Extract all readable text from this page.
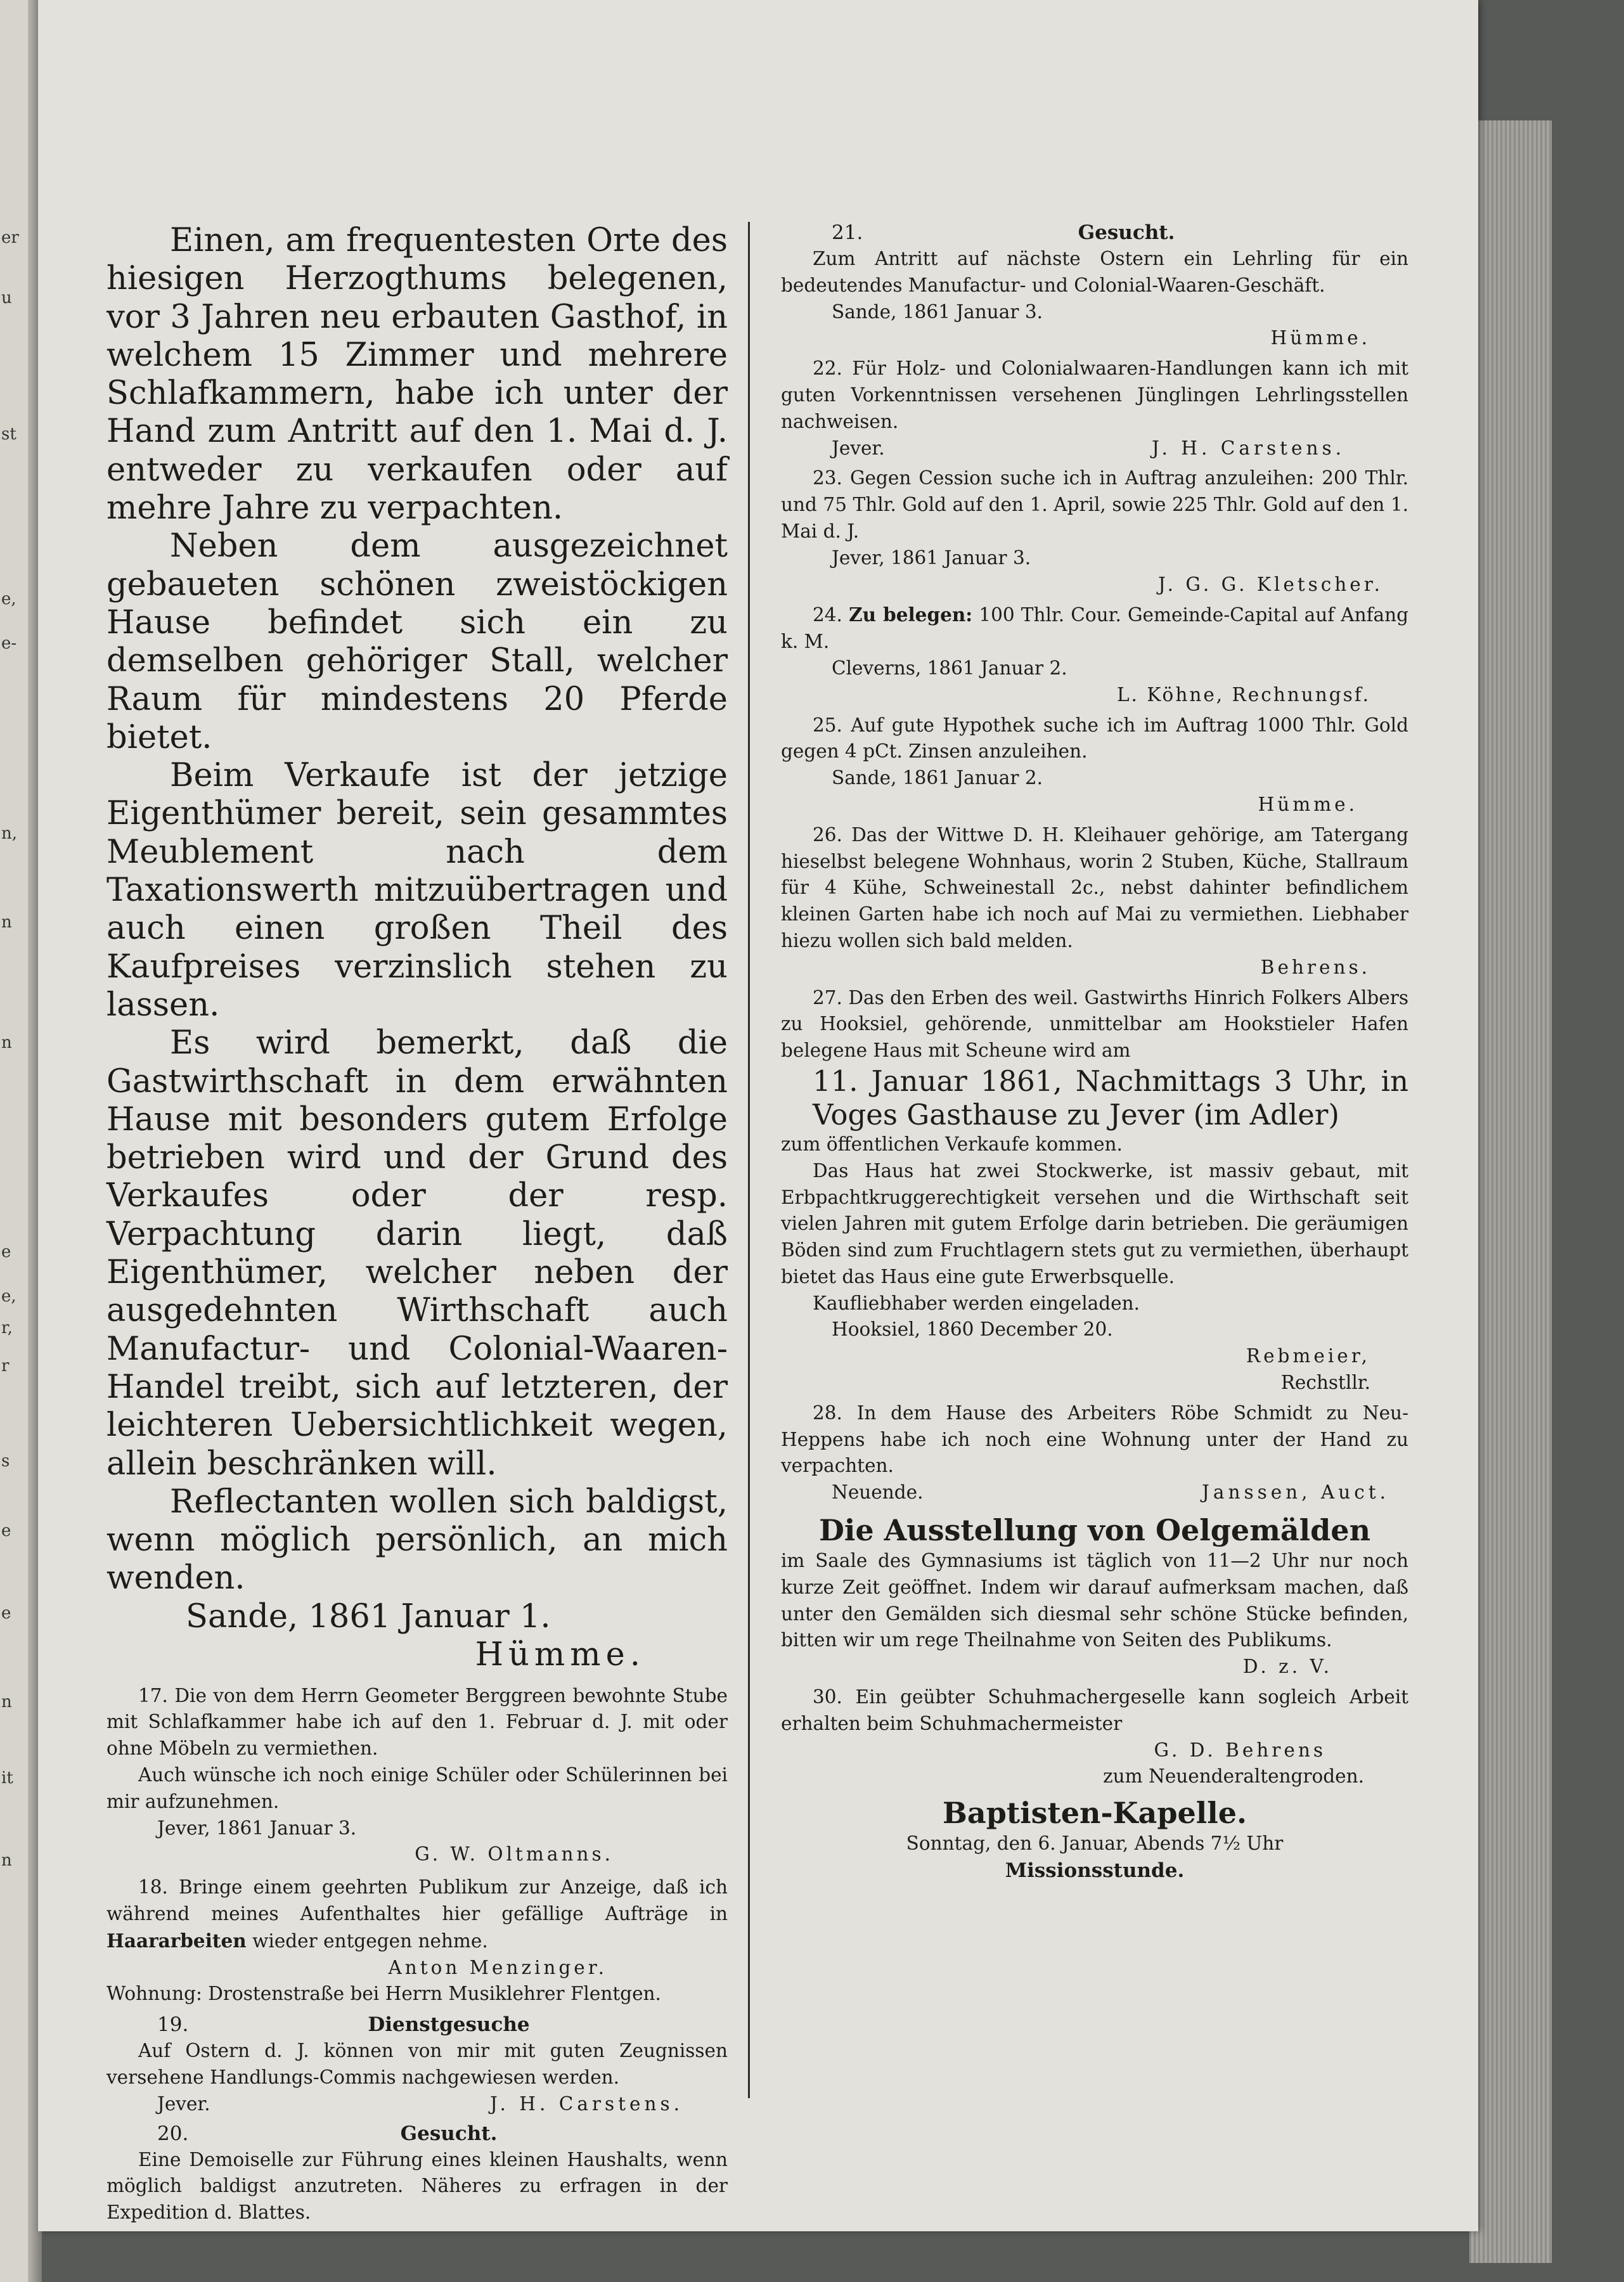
er
u
st
e,
e-
n,
n
n
e
e,
r,
r
s
e
e
n
it
n

Einen, am frequentesten Orte des hiesigen Herzogthums belegenen, vor 3 Jahren neu erbauten Gasthof, in welchem 15 Zimmer und mehrere Schlafkammern, habe ich unter der Hand zum Antritt auf den 1. Mai d. J. entweder zu verkaufen oder auf mehre Jahre zu verpachten.

Neben dem ausgezeichnet gebaueten schönen zweistöckigen Hause befindet sich ein zu demselben gehöriger Stall, welcher Raum für mindestens 20 Pferde bietet.

Beim Verkaufe ist der jetzige Eigenthümer bereit, sein gesammtes Meublement nach dem Taxationswerth mitzuübertragen und auch einen großen Theil des Kaufpreises verzinslich stehen zu lassen.

Es wird bemerkt, daß die Gastwirthschaft in dem erwähnten Hause mit besonders gutem Erfolge betrieben wird und der Grund des Verkaufes oder der resp. Verpachtung darin liegt, daß Eigenthümer, welcher neben der ausgedehnten Wirthschaft auch Manufactur- und Colonial-Waaren-Handel treibt, sich auf letzteren, der leichteren Uebersichtlichkeit wegen, allein beschränken will.

Reflectanten wollen sich baldigst, wenn möglich persönlich, an mich wenden.

Sande, 1861 Januar 1.

Hümme.

17. Die von dem Herrn Geometer Berggreen bewohnte Stube mit Schlafkammer habe ich auf den 1. Februar d. J. mit oder ohne Möbeln zu vermiethen.

Auch wünsche ich noch einige Schüler oder Schülerinnen bei mir aufzunehmen.

Jever, 1861 Januar 3.

G. W. Oltmanns.

18. Bringe einem geehrten Publikum zur Anzeige, daß ich während meines Aufenthaltes hier gefällige Aufträge in Haararbeiten wieder entgegen nehme.

Anton Menzinger.

Wohnung: Drostenstraße bei Herrn Musiklehrer Flentgen.

19.	Dienstgesuche

Auf Ostern d. J. können von mir mit guten Zeugnissen versehene Handlungs-Commis nachgewiesen werden.

Jever.	J. H. Carstens.
20.	Gesucht.

Eine Demoiselle zur Führung eines kleinen Haushalts, wenn möglich baldigst anzutreten. Näheres zu erfragen in der Expedition d. Blattes.

21.	Gesucht.

Zum Antritt auf nächste Ostern ein Lehrling für ein bedeutendes Manufactur- und Colonial-Waaren-Geschäft.

Sande, 1861 Januar 3.

Hümme.

22. Für Holz- und Colonialwaaren-Handlungen kann ich mit guten Vorkenntnissen versehenen Jünglingen Lehrlingsstellen nachweisen.

Jever.	J. H. Carstens.

23. Gegen Cession suche ich in Auftrag anzuleihen: 200 Thlr. und 75 Thlr. Gold auf den 1. April, sowie 225 Thlr. Gold auf den 1. Mai d. J.

Jever, 1861 Januar 3.

J. G. G. Kletscher.

24. Zu belegen: 100 Thlr. Cour. Gemeinde-Capital auf Anfang k. M.

Cleverns, 1861 Januar 2.

L. Köhne, Rechnungsf.

25. Auf gute Hypothek suche ich im Auftrag 1000 Thlr. Gold gegen 4 pCt. Zinsen anzuleihen.

Sande, 1861 Januar 2.

Hümme.

26. Das der Wittwe D. H. Kleihauer gehörige, am Tatergang hieselbst belegene Wohnhaus, worin 2 Stuben, Küche, Stallraum für 4 Kühe, Schweinestall 2c., nebst dahinter befindlichem kleinen Garten habe ich noch auf Mai zu vermiethen. Liebhaber hiezu wollen sich bald melden.

Behrens.

27. Das den Erben des weil. Gastwirths Hinrich Folkers Albers zu Hooksiel, gehörende, unmittelbar am Hookstieler Hafen belegene Haus mit Scheune wird am

11. Januar 1861, Nachmittags 3 Uhr, in Voges Gasthause zu Jever (im Adler)

zum öffentlichen Verkaufe kommen.

Das Haus hat zwei Stockwerke, ist massiv gebaut, mit Erbpachtkruggerechtigkeit versehen und die Wirthschaft seit vielen Jahren mit gutem Erfolge darin betrieben. Die geräumigen Böden sind zum Fruchtlagern stets gut zu vermiethen, überhaupt bietet das Haus eine gute Erwerbsquelle.

Kaufliebhaber werden eingeladen.

Hooksiel, 1860 December 20.

Rebmeier,

Rechstllr.

28. In dem Hause des Arbeiters Röbe Schmidt zu Neu-Heppens habe ich noch eine Wohnung unter der Hand zu verpachten.

Neuende.	Janssen, Auct.

Die Ausstellung von Oelgemälden

im Saale des Gymnasiums ist täglich von 11—2 Uhr nur noch kurze Zeit geöffnet. Indem wir darauf aufmerksam machen, daß unter den Gemälden sich diesmal sehr schöne Stücke befinden, bitten wir um rege Theilnahme von Seiten des Publikums.

D. z. V.

30. Ein geübter Schuhmachergeselle kann sogleich Arbeit erhalten beim Schuhmachermeister

G. D. Behrens

zum Neuenderaltengroden.

Baptisten-Kapelle.

Sonntag, den 6. Januar, Abends 7½ Uhr

Missionsstunde.
